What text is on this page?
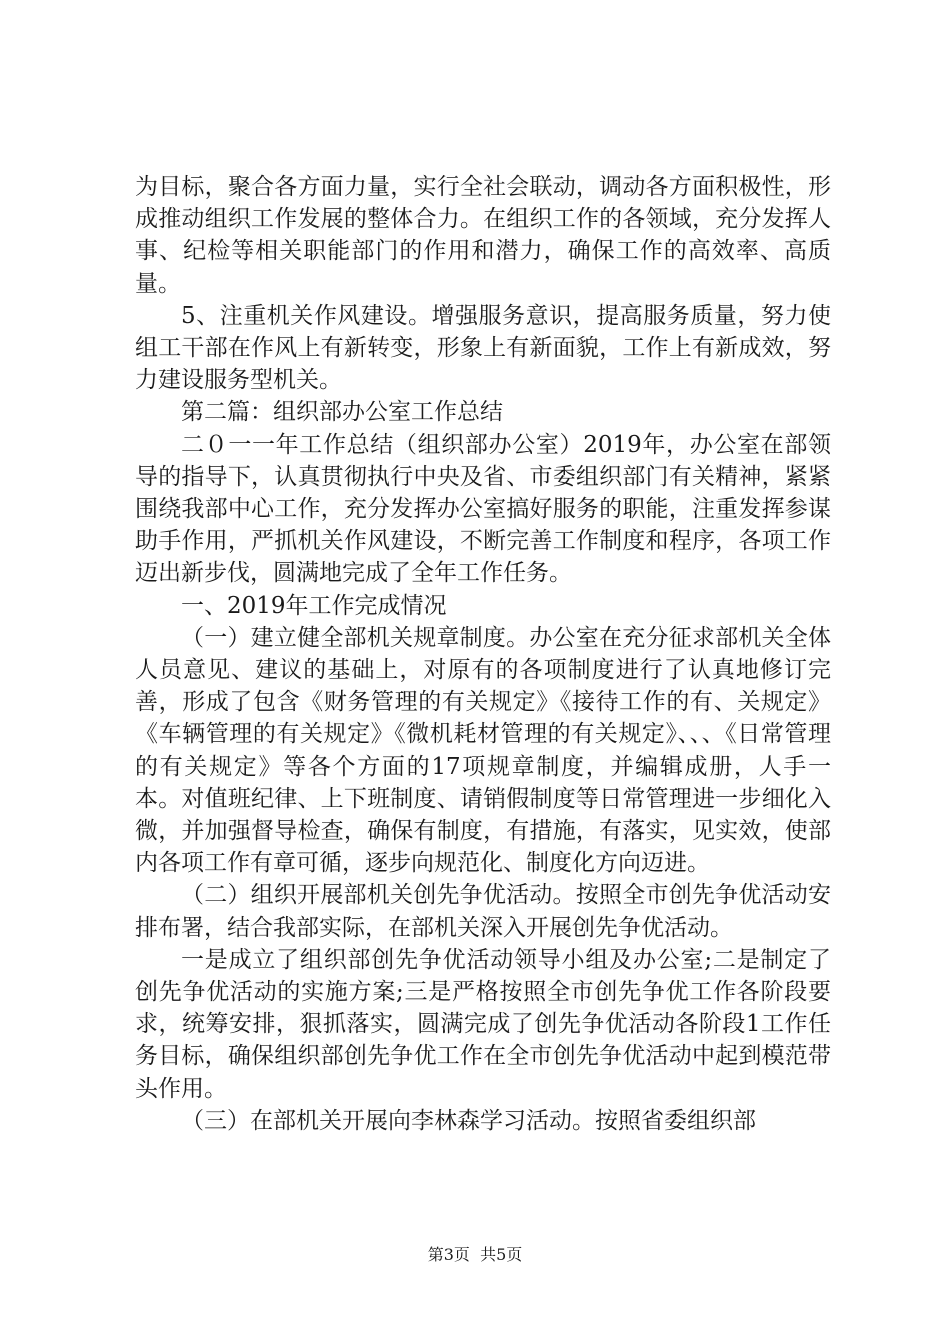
为目标，聚合各方面力量，实行全社会联动，调动各方面积极性，形成推动组织工作发展的整体合力。在组织工作的各领域，充分发挥人事、纪检等相关职能部门的作用和潜力，确保工作的高效率、高质量。

5、注重机关作风建设。增强服务意识，提高服务质量，努力使组工干部在作风上有新转变，形象上有新面貌，工作上有新成效，努力建设服务型机关。

第二篇：组织部办公室工作总结

二０一一年工作总结（组织部办公室）2019年，办公室在部领导的指导下，认真贯彻执行中央及省、市委组织部门有关精神，紧紧围绕我部中心工作，充分发挥办公室搞好服务的职能，注重发挥参谋助手作用，严抓机关作风建设，不断完善工作制度和程序，各项工作迈出新步伐，圆满地完成了全年工作任务。

一、2019年工作完成情况

（一）建立健全部机关规章制度。办公室在充分征求部机关全体人员意见、建议的基础上，对原有的各项制度进行了认真地修订完善，形成了包含《财务管理的有关规定》《接待工作的有、关规定》《车辆管理的有关规定》《微机耗材管理的有关规定》、、、《日常管理的有关规定》等各个方面的17项规章制度，并编辑成册，人手一本。对值班纪律、上下班制度、请销假制度等日常管理进一步细化入微，并加强督导检查，确保有制度，有措施，有落实，见实效，使部内各项工作有章可循，逐步向规范化、制度化方向迈进。

（二）组织开展部机关创先争优活动。按照全市创先争优活动安排布署，结合我部实际，在部机关深入开展创先争优活动。

一是成立了组织部创先争优活动领导小组及办公室;二是制定了创先争优活动的实施方案;三是严格按照全市创先争优工作各阶段要求，统筹安排，狠抓落实，圆满完成了创先争优活动各阶段1工作任务目标，确保组织部创先争优工作在全市创先争优活动中起到模范带头作用。

（三）在部机关开展向李林森学习活动。按照省委组织部

第3页 共5页
